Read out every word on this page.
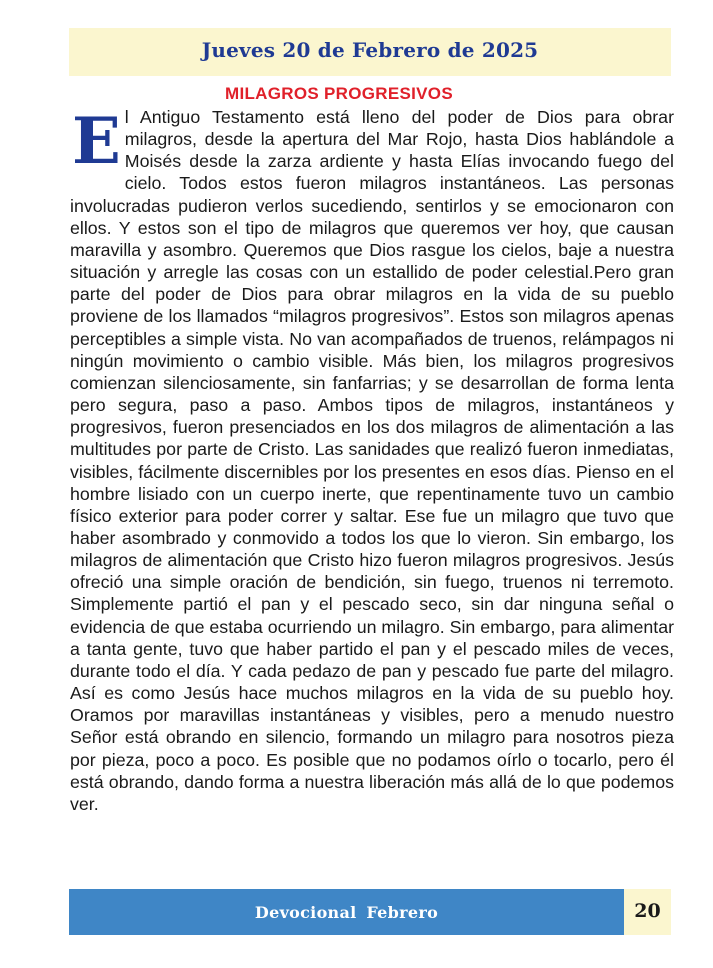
Jueves 20 de Febrero de 2025
MILAGROS PROGRESIVOS

El Antiguo Testamento está lleno del poder de Dios para obrar milagros, desde la apertura del Mar Rojo, hasta Dios hablándole a Moisés desde la zarza ardiente y hasta Elías invocando fuego del cielo. Todos estos fueron milagros instantáneos. Las personas involucradas pudieron verlos sucediendo, sentirlos y se emocionaron con ellos. Y estos son el tipo de milagros que queremos ver hoy, que causan maravilla y asombro. Queremos que Dios rasgue los cielos, baje a nuestra situación y arregle las cosas con un estallido de poder celestial.Pero gran parte del poder de Dios para obrar milagros en la vida de su pueblo proviene de los llamados “milagros progresivos”. Estos son milagros apenas perceptibles a simple vista. No van acompañados de truenos, relámpagos ni ningún movimiento o cambio visible. Más bien, los milagros progresivos comienzan silenciosamente, sin fanfarrias; y se desarrollan de forma lenta pero segura, paso a paso. Ambos tipos de milagros, instantáneos y progresivos, fueron presenciados en los dos milagros de alimentación a las multitudes por parte de Cristo. Las sanidades que realizó fueron inmediatas, visibles, fácilmente discernibles por los presentes en esos días. Pienso en el hombre lisiado con un cuerpo inerte, que repentinamente tuvo un cambio físico exterior para poder correr y saltar. Ese fue un milagro que tuvo que haber asombrado y conmovido a todos los que lo vieron. Sin embargo, los milagros de alimentación que Cristo hizo fueron milagros progresivos. Jesús ofreció una simple oración de bendición, sin fuego, truenos ni terremoto. Simplemente partió el pan y el pescado seco, sin dar ninguna señal o evidencia de que estaba ocurriendo un milagro. Sin embargo, para alimentar a tanta gente, tuvo que haber partido el pan y el pescado miles de veces, durante todo el día. Y cada pedazo de pan y pescado fue parte del milagro. Así es como Jesús hace muchos milagros en la vida de su pueblo hoy. Oramos por maravillas instantáneas y visibles, pero a menudo nuestro Señor está obrando en silencio, formando un milagro para nosotros pieza por pieza, poco a poco. Es posible que no podamos oírlo o tocarlo, pero él está obrando, dando forma a nuestra liberación más allá de lo que podemos ver.

Devocional Febrero	20
